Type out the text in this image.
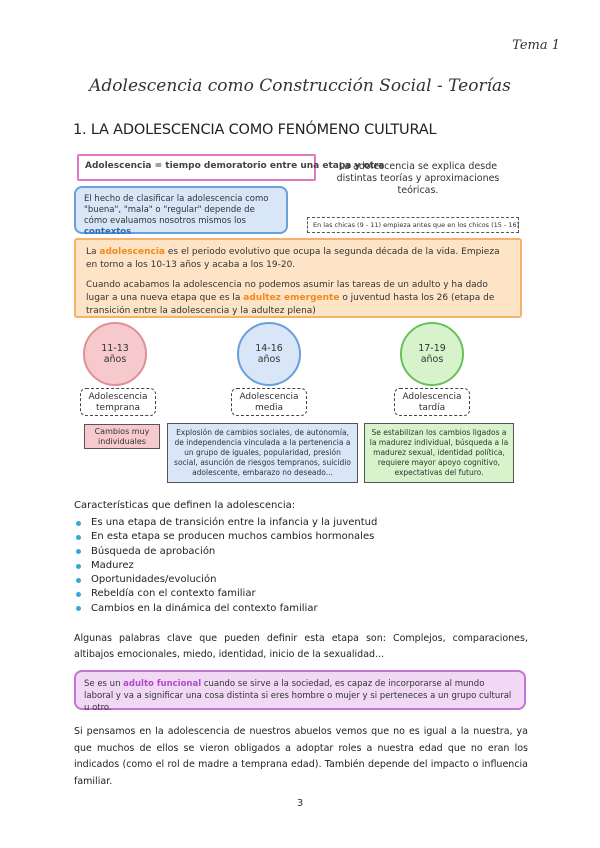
Tema 1
Adolescencia como Construcción Social - Teorías
1. LA ADOLESCENCIA COMO FENÓMENO CULTURAL
Adolescencia = tiempo demoratorio entre una etapa y otra
La adolescencia se explica desde distintas teorías y aproximaciones teóricas.
El hecho de clasificar la adolescencia como "buena", "mala" o "regular" depende de cómo evaluamos nosotros mismos los contextos
En las chicas (9 - 11) empieza antes que en los chicos (15 - 16)

La adolescencia es el periodo evolutivo que ocupa la segunda década de la vida. Empieza en torno a los 10-13 años y acaba a los 19-20.

Cuando acabamos la adolescencia no podemos asumir las tareas de un adulto y ha dado lugar a una nueva etapa que es la adultez emergente o juventud hasta los 26 (etapa de transición entre la adolescencia y la adultez plena)

11-13
años
14-16
años
17-19
años
Adolescencia
temprana
Adolescencia
media
Adolescencia
tardía
Cambios muy individuales
Explosión de cambios sociales, de autonomía, de independencia vinculada a la pertenencia a un grupo de iguales, popularidad, presión social, asunción de riesgos tempranos, suicidio adolescente, embarazo no deseado...
Se estabilizan los cambios ligados a la madurez individual, búsqueda a la madurez sexual, identidad política, requiere mayor apoyo cognitivo, expectativas del futuro.
Características que definen la adolescencia:
Es una etapa de transición entre la infancia y la juventud
En esta etapa se producen muchos cambios hormonales
Búsqueda de aprobación
Madurez
Oportunidades/evolución
Rebeldía con el contexto familiar
Cambios en la dinámica del contexto familiar
Algunas palabras clave que pueden definir esta etapa son: Complejos, comparaciones, altibajos emocionales, miedo, identidad, inicio de la sexualidad...
Se es un adulto funcional cuando se sirve a la sociedad, es capaz de incorporarse al mundo laboral y va a significar una cosa distinta si eres hombre o mujer y si perteneces a un grupo cultural u otro.
Si pensamos en la adolescencia de nuestros abuelos vemos que no es igual a la nuestra, ya que muchos de ellos se vieron obligados a adoptar roles a nuestra edad que no eran los indicados (como el rol de madre a temprana edad). También depende del impacto o influencia familiar.
3
